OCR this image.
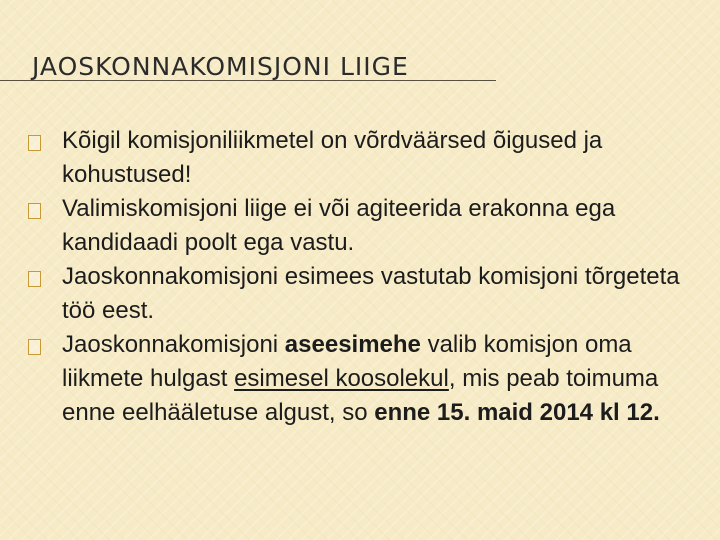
JAOSKONNAKOMISJONI LIIGE
Kõigil komisjoniliikmetel on võrdväärsed õigused ja kohustused!
Valimiskomisjoni liige ei või agiteerida erakonna ega kandidaadi poolt ega vastu.
Jaoskonnakomisjoni esimees vastutab komisjoni tõrgeteta töö eest.
Jaoskonnakomisjoni aseesimehe valib komisjon oma liikmete hulgast esimesel koosolekul, mis peab toimuma enne eelhääletuse algust, so enne 15. maid 2014 kl 12.
